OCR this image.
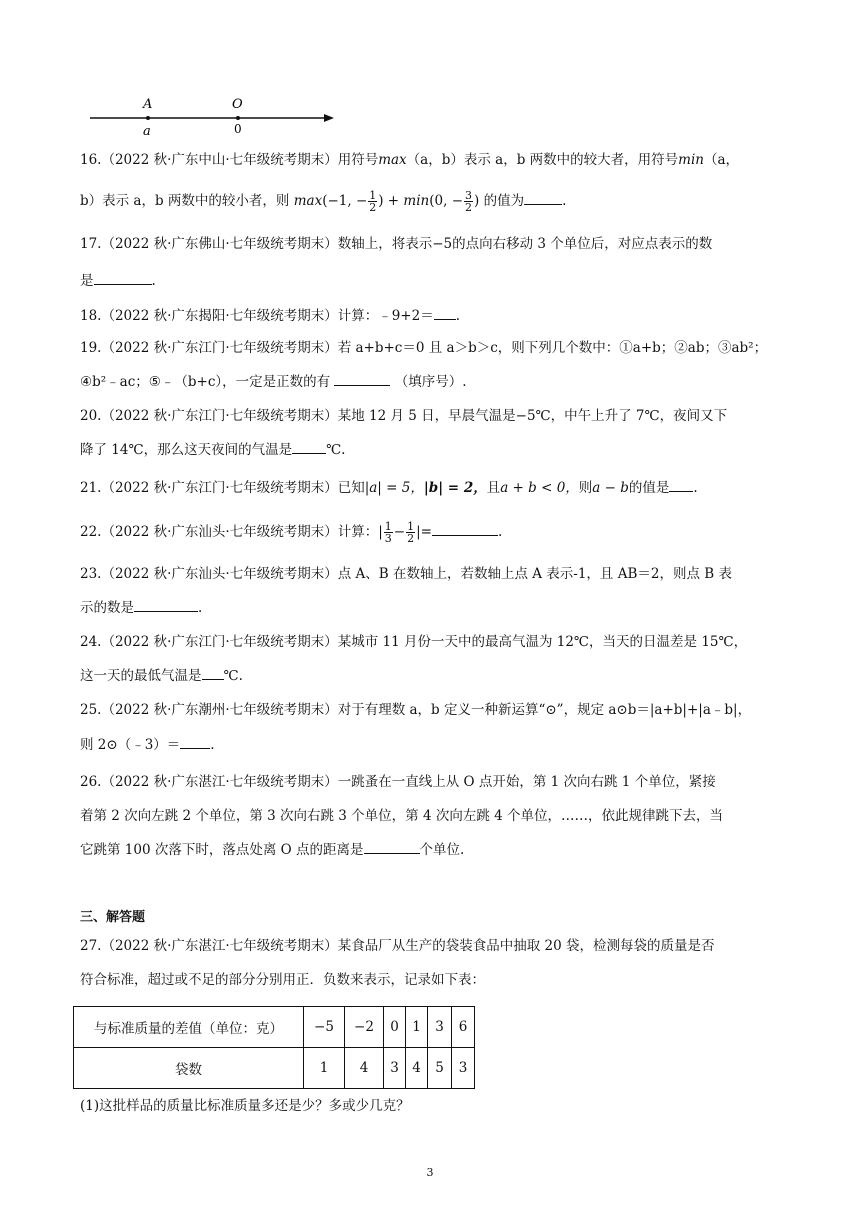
A
a
O
0
16.（2022 秋·广东中山·七年级统考期末）用符号max（a，b）表示 a，b 两数中的较大者，用符号min（a，
b）表示 a，b 两数中的较小者，则 max(−1, − $\frac{1}{2}$ ) + min(0, − $\frac{3}{2}$ ) 的值为	.
17.（2022 秋·广东佛山·七年级统考期末）数轴上，将表示−5的点向右移动 3 个单位后，对应点表示的数
是	.
18.（2022 秋·广东揭阳·七年级统考期末）计算：﹣9+2＝ .
19.（2022 秋·广东江门·七年级统考期末）若 a+b+c＝0 且 a＞b＞c，则下列几个数中：①a+b；②ab；③ab²；
④b²﹣ac；⑤﹣（b+c），一定是正数的有	（填序号）.
20.（2022 秋·广东江门·七年级统考期末）某地 12 月 5 日，早晨气温是−5℃，中午上升了 7℃，夜间又下
降了 14℃，那么这天夜间的气温是	℃.
21.（2022 秋·广东江门·七年级统考期末）已知|a| = 5，|b| = 2，且a + b < 0，则a − b的值是 .
22.（2022 秋·广东汕头·七年级统考期末）计算：| $\frac{1}{3} - \frac{1}{2}$ |=	.
23.（2022 秋·广东汕头·七年级统考期末）点 A、B 在数轴上，若数轴上点 A 表示-1，且 AB＝2，则点 B 表
示的数是	.
24.（2022 秋·广东江门·七年级统考期末）某城市 11 月份一天中的最高气温为 12℃，当天的日温差是 15℃，
这一天的最低气温是 ℃.
25.（2022 秋·广东潮州·七年级统考期末）对于有理数 a，b 定义一种新运算“⊙”，规定 a⊙b＝|a+b|+|a﹣b|，
则 2⊙（﹣3）＝ .
26.（2022 秋·广东湛江·七年级统考期末）一跳蚤在一直线上从 O 点开始，第 1 次向右跳 1 个单位，紧接
着第 2 次向左跳 2 个单位，第 3 次向右跳 3 个单位，第 4 次向左跳 4 个单位，……，依此规律跳下去，当
它跳第 100 次落下时，落点处离 O 点的距离是	个单位.
三、解答题
27.（2022 秋·广东湛江·七年级统考期末）某食品厂从生产的袋装食品中抽取 20 袋，检测每袋的质量是否
符合标准，超过或不足的部分分别用正．负数来表示，记录如下表：
与标准质量的差值（单位：克）	−5	−2	0	1	3	6
袋数	1	4	3	4	5	3
(1)这批样品的质量比标准质量多还是少？多或少几克？
3
